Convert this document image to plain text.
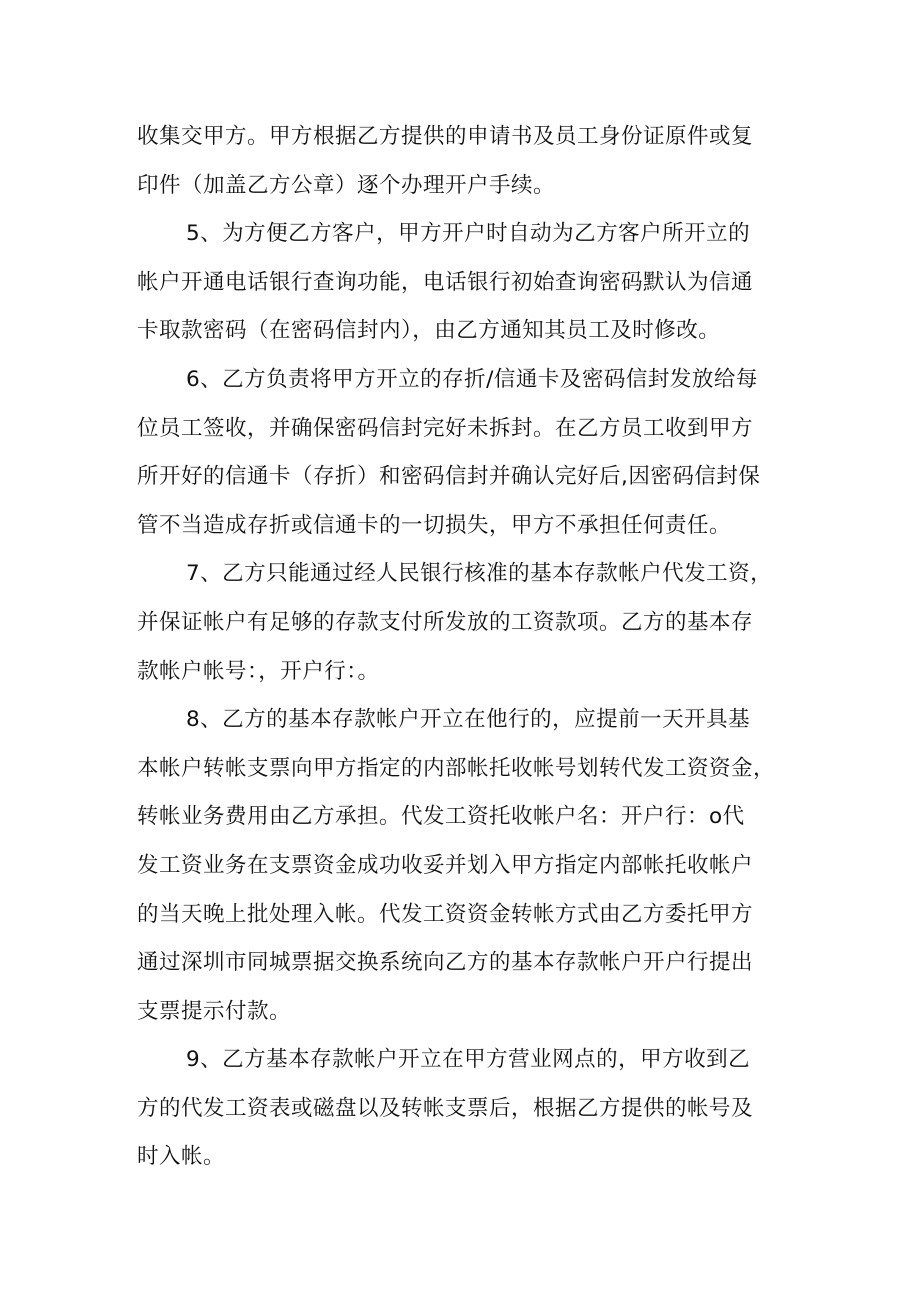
收集交甲方。甲方根据乙方提供的申请书及员工身份证原件或复
印件（加盖乙方公章）逐个办理开户手续。
5、为方便乙方客户，甲方开户时自动为乙方客户所开立的
帐户开通电话银行查询功能，电话银行初始查询密码默认为信通
卡取款密码（在密码信封内），由乙方通知其员工及时修改。
6、乙方负责将甲方开立的存折/信通卡及密码信封发放给每
位员工签收，并确保密码信封完好未拆封。在乙方员工收到甲方
所开好的信通卡（存折）和密码信封并确认完好后,因密码信封保
管不当造成存折或信通卡的一切损失，甲方不承担任何责任。
7、乙方只能通过经人民银行核准的基本存款帐户代发工资，
并保证帐户有足够的存款支付所发放的工资款项。乙方的基本存
款帐户帐号：，开户行：。
8、乙方的基本存款帐户开立在他行的，应提前一天开具基
本帐户转帐支票向甲方指定的内部帐托收帐号划转代发工资资金，
转帐业务费用由乙方承担。代发工资托收帐户名：开户行：o代
发工资业务在支票资金成功收妥并划入甲方指定内部帐托收帐户
的当天晚上批处理入帐。代发工资资金转帐方式由乙方委托甲方
通过深圳市同城票据交换系统向乙方的基本存款帐户开户行提出
支票提示付款。
9、乙方基本存款帐户开立在甲方营业网点的，甲方收到乙
方的代发工资表或磁盘以及转帐支票后，根据乙方提供的帐号及
时入帐。
